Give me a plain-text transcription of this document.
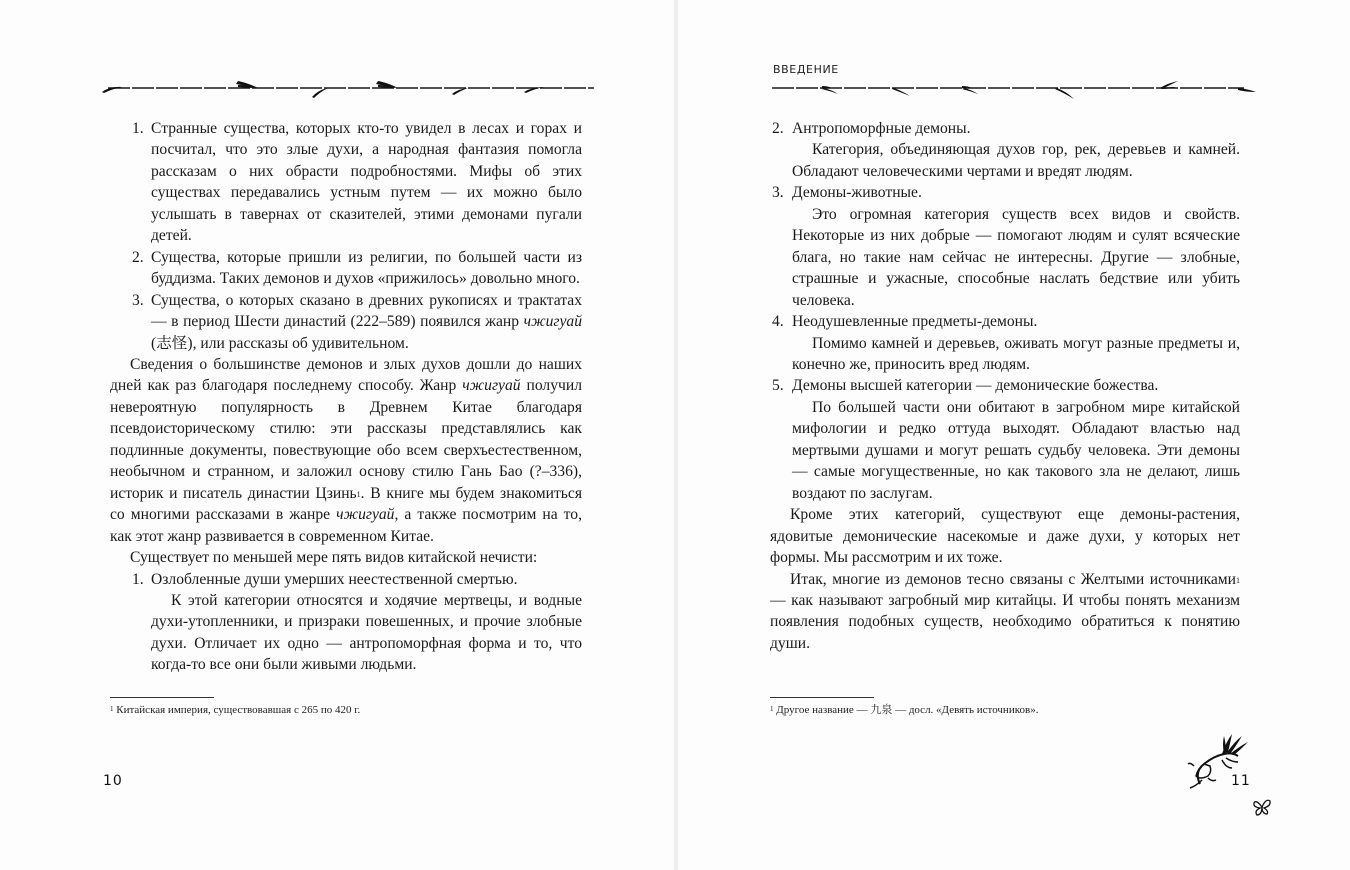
1. Странные существа, которых кто-то увидел в лесах и горах и посчитал, что это злые духи, а народная фантазия помогла рассказам о них обрасти подробностями. Мифы об этих существах передавались устным путем — их можно было услышать в тавернах от сказителей, этими демонами пугали детей.
2. Существа, которые пришли из религии, по большей части из буддизма. Таких демонов и духов «прижилось» довольно много.
3. Существа, о которых сказано в древних рукописях и трактатах — в период Шести династий (222–589) появился жанр чжигуай (志怪), или рассказы об удивительном.

Сведения о большинстве демонов и злых духов дошли до наших дней как раз благодаря последнему способу. Жанр чжигуай получил невероятную популярность в Древнем Китае благодаря псевдоисторическому стилю: эти рассказы представлялись как подлинные документы, повествующие обо всем сверхъестественном, необычном и странном, и заложил основу стилю Гань Бао (?–336), историк и писатель династии Цзинь$^1$. В книге мы будем знакомиться со многими рассказами в жанре чжигуай, а также посмотрим на то, как этот жанр развивается в современном Китае.

Существует по меньшей мере пять видов китайской нечисти:

1. Озлобленные души умерших неестественной смертью.

К этой категории относятся и ходячие мертвецы, и водные духи-утопленники, и призраки повешенных, и прочие злобные духи. Отличает их одно — антропоморфная форма и то, что когда-то все они были живыми людьми.

$^1$ Китайская империя, существовавшая с 265 по 420 г.
10
ВВЕДЕНИЕ
2. Антропоморфные демоны.

Категория, объединяющая духов гор, рек, деревьев и камней. Обладают человеческими чертами и вредят людям.

3. Демоны-животные.

Это огромная категория существ всех видов и свойств. Некоторые из них добрые — помогают людям и сулят всяческие блага, но такие нам сейчас не интересны. Другие — злобные, страшные и ужасные, способные наслать бедствие или убить человека.

4. Неодушевленные предметы-демоны.

Помимо камней и деревьев, оживать могут разные предметы и, конечно же, приносить вред людям.

5. Демоны высшей категории — демонические божества.

По большей части они обитают в загробном мире китайской мифологии и редко оттуда выходят. Обладают властью над мертвыми душами и могут решать судьбу человека. Эти демоны — самые могущественные, но как такового зла не делают, лишь воздают по заслугам.

Кроме этих категорий, существуют еще демоны-растения, ядовитые демонические насекомые и даже духи, у которых нет формы. Мы рассмотрим и их тоже.

Итак, многие из демонов тесно связаны с Желтыми источниками$^1$ — как называют загробный мир китайцы. И чтобы понять механизм появления подобных существ, необходимо обратиться к понятию души.

$^1$ Другое название — 九泉 — досл. «Девять источников».
11
